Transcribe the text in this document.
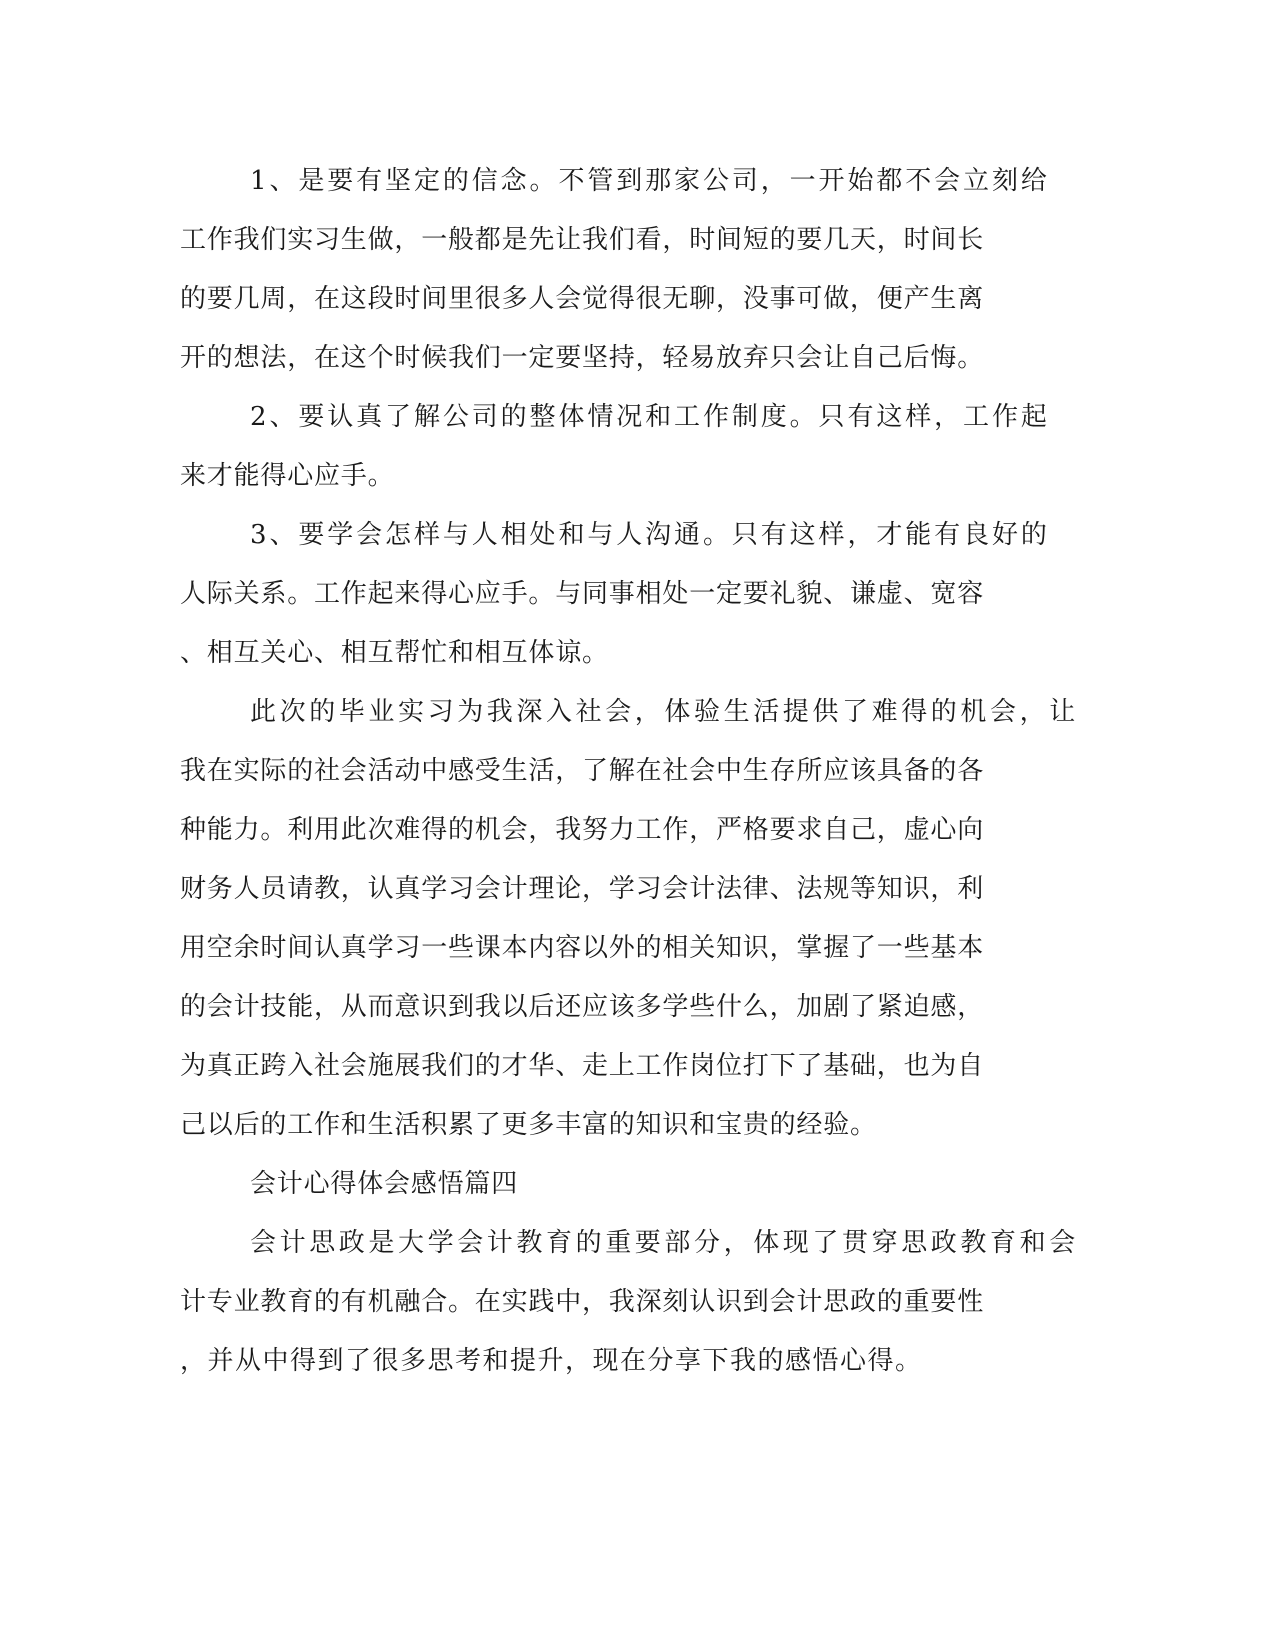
1、是要有坚定的信念。不管到那家公司，一开始都不会立刻给

工作我们实习生做，一般都是先让我们看，时间短的要几天，时间长

的要几周，在这段时间里很多人会觉得很无聊，没事可做，便产生离

开的想法，在这个时候我们一定要坚持，轻易放弃只会让自己后悔。

2、要认真了解公司的整体情况和工作制度。只有这样，工作起

来才能得心应手。

3、要学会怎样与人相处和与人沟通。只有这样，才能有良好的

人际关系。工作起来得心应手。与同事相处一定要礼貌、谦虚、宽容

、相互关心、相互帮忙和相互体谅。

此次的毕业实习为我深入社会，体验生活提供了难得的机会，让

我在实际的社会活动中感受生活，了解在社会中生存所应该具备的各

种能力。利用此次难得的机会，我努力工作，严格要求自己，虚心向

财务人员请教，认真学习会计理论，学习会计法律、法规等知识，利

用空余时间认真学习一些课本内容以外的相关知识，掌握了一些基本

的会计技能，从而意识到我以后还应该多学些什么，加剧了紧迫感，

为真正跨入社会施展我们的才华、走上工作岗位打下了基础，也为自

己以后的工作和生活积累了更多丰富的知识和宝贵的经验。

会计心得体会感悟篇四

会计思政是大学会计教育的重要部分，体现了贯穿思政教育和会

计专业教育的有机融合。在实践中，我深刻认识到会计思政的重要性

，并从中得到了很多思考和提升，现在分享下我的感悟心得。
